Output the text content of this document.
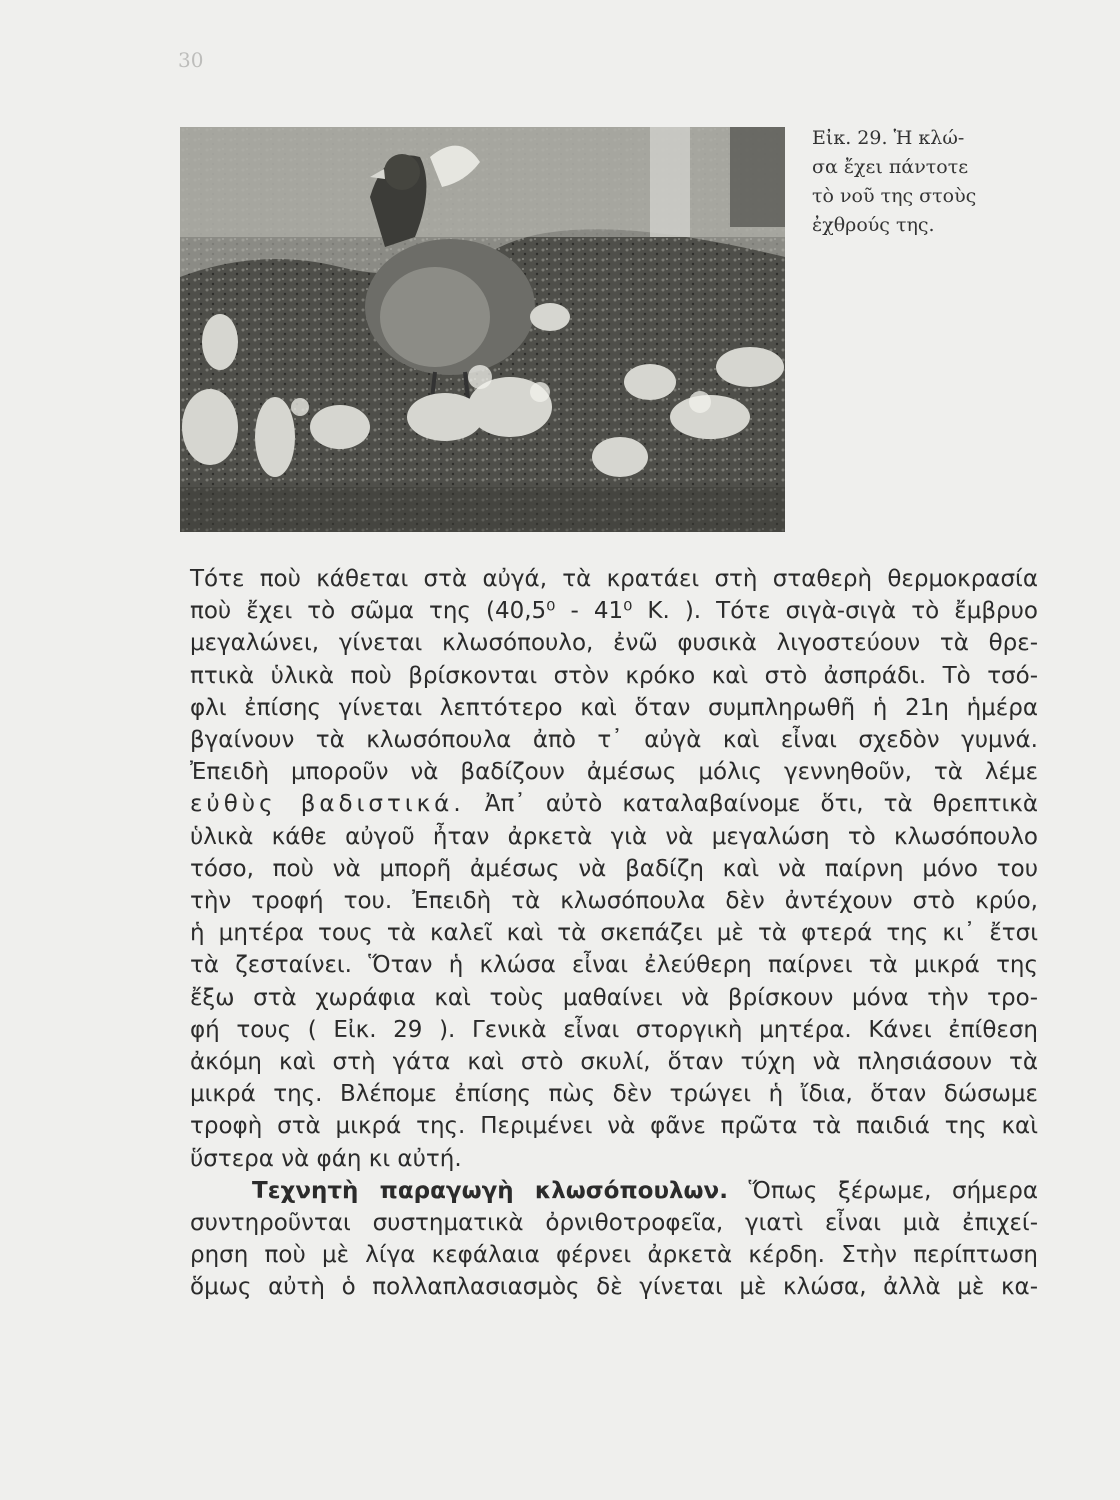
30
Εἰκ. 29. Ἡ κλώ-
σα ἔχει πάντοτε
τὸ νοῦ της στοὺς
ἐχθρούς της.
Τότε ποὺ κάθεται στὰ αὐγά, τὰ κρατάει στὴ σταθερὴ θερμοκρασία
ποὺ ἔχει τὸ σῶμα της (40,5⁰ - 41⁰ Κ. ). Τότε σιγὰ-σιγὰ τὸ ἔμβρυο
μεγαλώνει, γίνεται κλωσόπουλο, ἐνῶ φυσικὰ λιγοστεύουν τὰ θρε-
πτικὰ ὑλικὰ ποὺ βρίσκονται στὸν κρόκο καὶ στὸ ἀσπράδι. Τὸ τσό-
φλι ἐπίσης γίνεται λεπτότερο καὶ ὅταν συμπληρωθῆ ἡ 21η ἡμέρα
βγαίνουν τὰ κλωσόπουλα ἀπὸ τ᾽ αὐγὰ καὶ εἶναι σχεδὸν γυμνά.
Ἐπειδὴ μποροῦν νὰ βαδίζουν ἀμέσως μόλις γεννηθοῦν, τὰ λέμε
εὐθὺς βαδιστικά. Ἀπ᾽ αὐτὸ καταλαβαίνομε ὅτι, τὰ θρεπτικὰ
ὑλικὰ κάθε αὐγοῦ ἦταν ἀρκετὰ γιὰ νὰ μεγαλώση τὸ κλωσόπουλο
τόσο, ποὺ νὰ μπορῆ ἀμέσως νὰ βαδίζη καὶ νὰ παίρνη μόνο του
τὴν τροφή του. Ἐπειδὴ τὰ κλωσόπουλα δὲν ἀντέχουν στὸ κρύο,
ἡ μητέρα τους τὰ καλεῖ καὶ τὰ σκεπάζει μὲ τὰ φτερά της κι᾽ ἔτσι
τὰ ζεσταίνει. Ὅταν ἡ κλώσα εἶναι ἐλεύθερη παίρνει τὰ μικρά της
ἔξω στὰ χωράφια καὶ τοὺς μαθαίνει νὰ βρίσκουν μόνα τὴν τρο-
φή τους ( Εἰκ. 29 ). Γενικὰ εἶναι στοργικὴ μητέρα. Κάνει ἐπίθεση
ἀκόμη καὶ στὴ γάτα καὶ στὸ σκυλί, ὅταν τύχη νὰ πλησιάσουν τὰ
μικρά της. Βλέπομε ἐπίσης πὼς δὲν τρώγει ἡ ἴδια, ὅταν δώσωμε
τροφὴ στὰ μικρά της. Περιμένει νὰ φᾶνε πρῶτα τὰ παιδιά της καὶ
ὕστερα νὰ φάη κι αὐτή.
Τεχνητὴ παραγωγὴ κλωσόπουλων. Ὅπως ξέρωμε, σήμερα
συντηροῦνται συστηματικὰ ὀρνιθοτροφεῖα, γιατὶ εἶναι μιὰ ἐπιχεί-
ρηση ποὺ μὲ λίγα κεφάλαια φέρνει ἀρκετὰ κέρδη. Στὴν περίπτωση
ὅμως αὐτὴ ὁ πολλαπλασιασμὸς δὲ γίνεται μὲ κλώσα, ἀλλὰ μὲ κα-
